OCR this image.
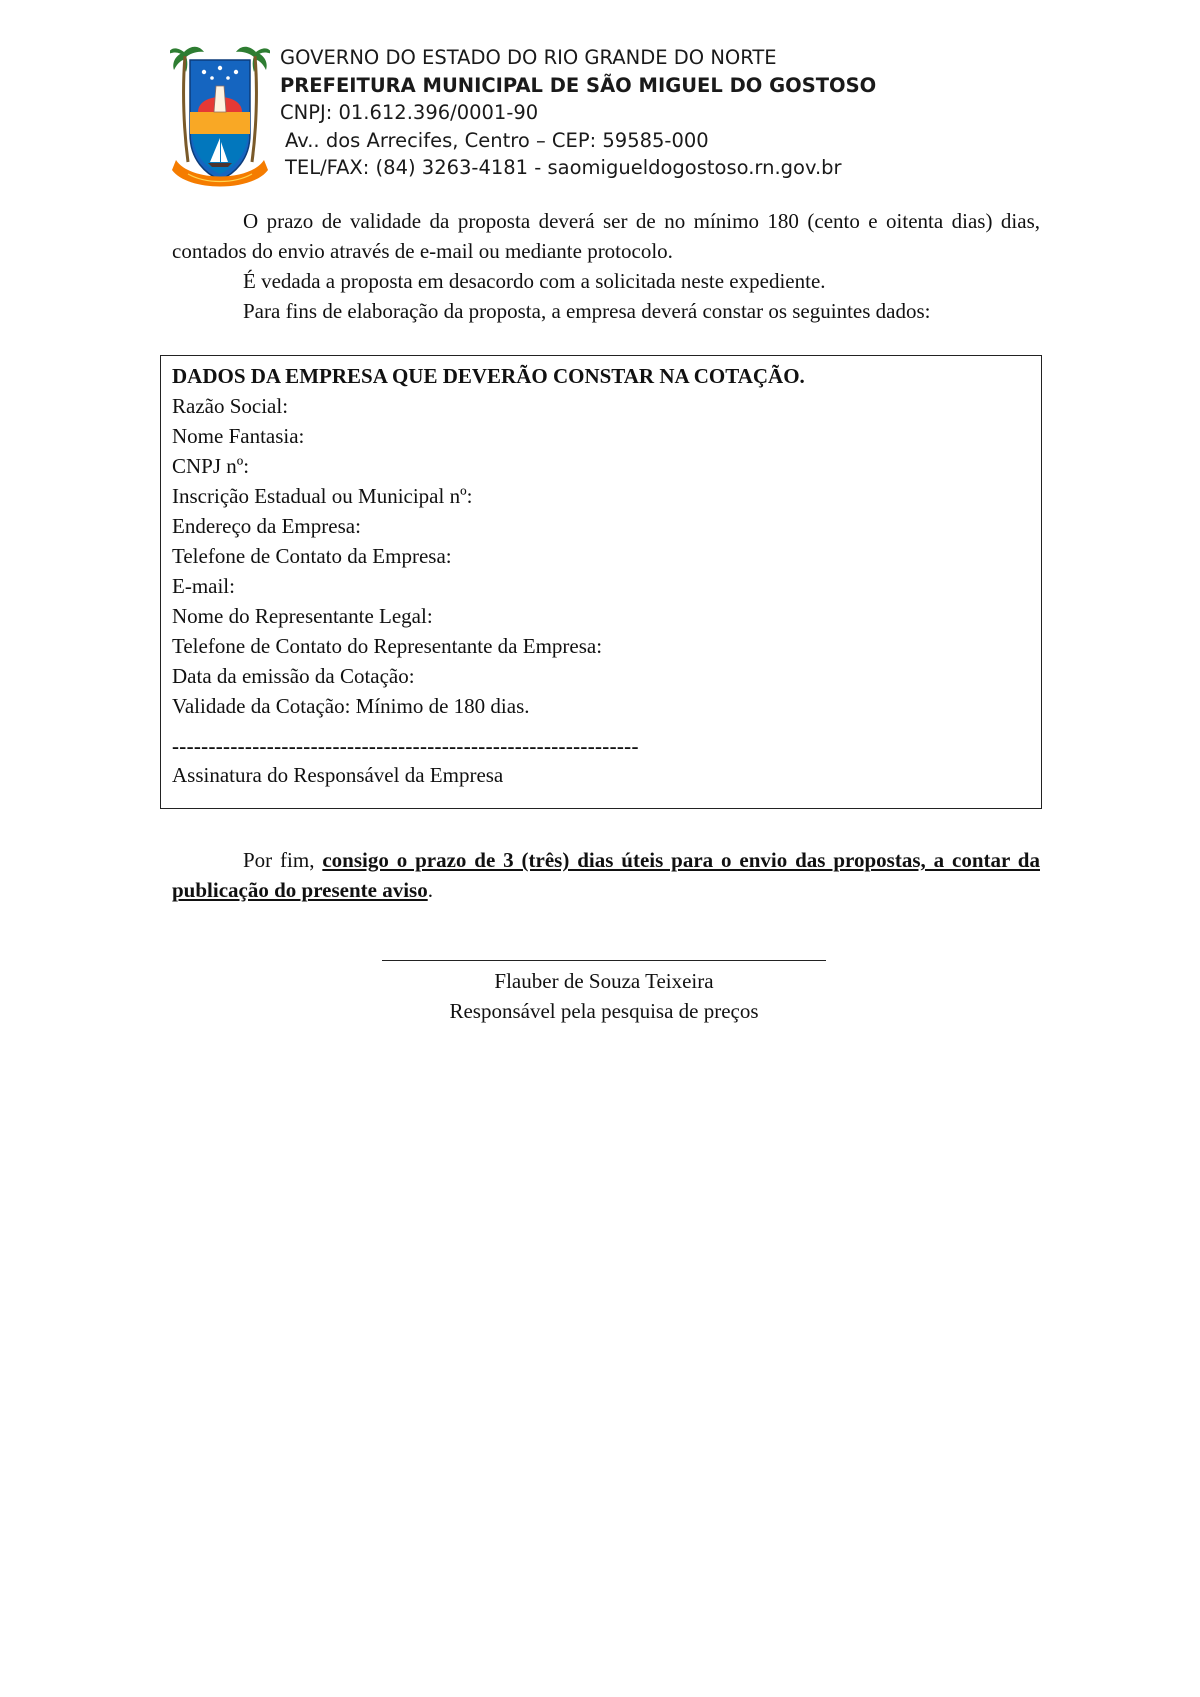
GOVERNO DO ESTADO DO RIO GRANDE DO NORTE
PREFEITURA MUNICIPAL DE SÃO MIGUEL DO GOSTOSO
CNPJ: 01.612.396/0001-90
Av.. dos Arrecifes, Centro – CEP: 59585-000
TEL/FAX: (84) 3263-4181 - saomigueldogostoso.rn.gov.br

O prazo de validade da proposta deverá ser de no mínimo 180 (cento e oitenta dias) dias, contados do envio através de e-mail ou mediante protocolo.

É vedada a proposta em desacordo com a solicitada neste expediente.

Para fins de elaboração da proposta, a empresa deverá constar os seguintes dados:

DADOS DA EMPRESA QUE DEVERÃO CONSTAR NA COTAÇÃO.
Razão Social:
Nome Fantasia:
CNPJ nº:
Inscrição Estadual ou Municipal nº:
Endereço da Empresa:
Telefone de Contato da Empresa:
E-mail:
Nome do Representante Legal:
Telefone de Contato do Representante da Empresa:
Data da emissão da Cotação:
Validade da Cotação: Mínimo de 180 dias.
----------------------------------------------------------------
Assinatura do Responsável da Empresa
Por fim, consigo o prazo de 3 (três) dias úteis para o envio das propostas, a contar da publicação do presente aviso.
Flauber de Souza Teixeira
Responsável pela pesquisa de preços
